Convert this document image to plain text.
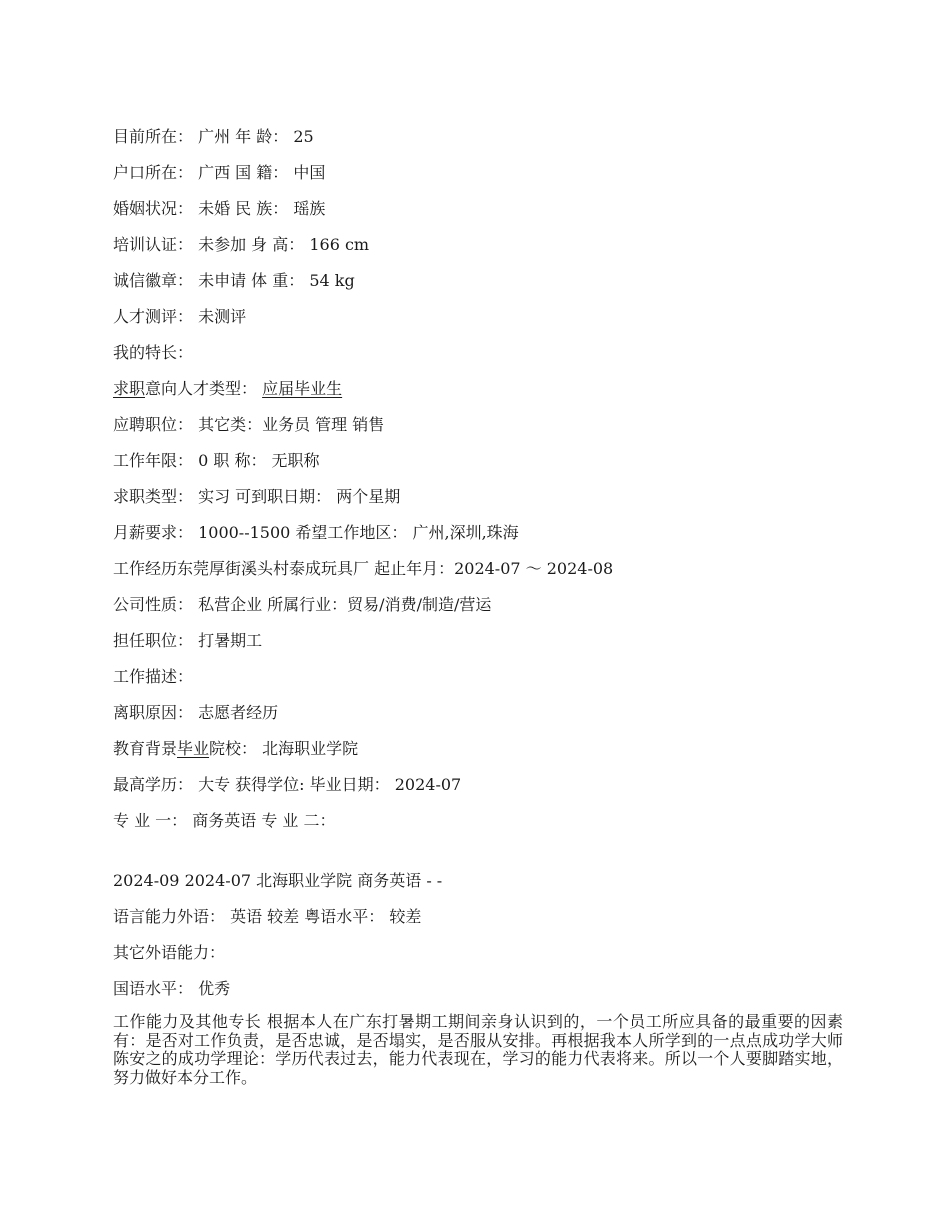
目前所在： 广州 年 龄： 25
户口所在： 广西 国 籍： 中国
婚姻状况： 未婚 民 族： 瑶族
培训认证： 未参加 身 高： 166 cm
诚信徽章： 未申请 体 重： 54 kg
人才测评： 未测评
我的特长：
求职意向人才类型： 应届毕业生
应聘职位： 其它类：业务员 管理 销售
工作年限： 0 职 称： 无职称
求职类型： 实习 可到职日期： 两个星期
月薪要求： 1000--1500 希望工作地区： 广州,深圳,珠海
工作经历东莞厚街溪头村泰成玩具厂 起止年月：2024-07 ～ 2024-08
公司性质： 私营企业 所属行业：贸易/消费/制造/营运
担任职位： 打暑期工
工作描述：
离职原因： 志愿者经历
教育背景毕业院校： 北海职业学院
最高学历： 大专 获得学位: 毕业日期： 2024-07
专 业 一： 商务英语 专 业 二：
2024-09 2024-07 北海职业学院 商务英语 - -
语言能力外语： 英语 较差 粤语水平： 较差
其它外语能力：
国语水平： 优秀

工作能力及其他专长 根据本人在广东打暑期工期间亲身认识到的，一个员工所应具备的最重要的因素有：是否对工作负责，是否忠诚，是否塌实，是否服从安排。再根据我本人所学到的一点点成功学大师陈安之的成功学理论：学历代表过去，能力代表现在，学习的能力代表将来。所以一个人要脚踏实地，努力做好本分工作。
